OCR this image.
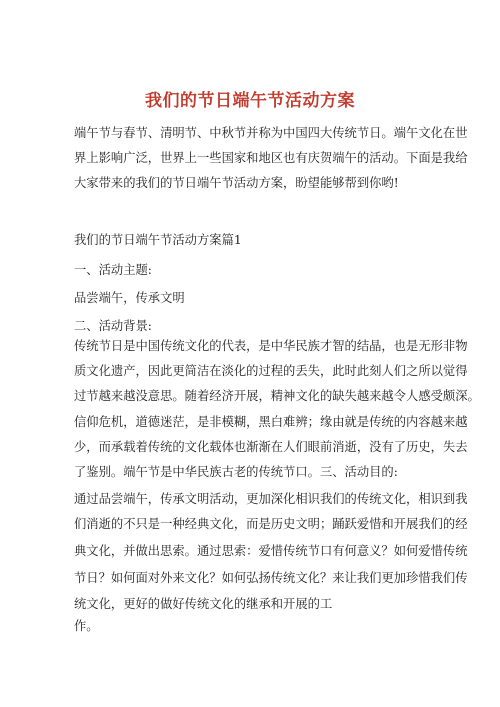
我们的节日端午节活动方案

端午节与春节、清明节、中秋节并称为中国四大传统节日。端午文化在世

界上影响广泛，世界上一些国家和地区也有庆贺端午的活动。下面是我给

大家带来的我们的节日端午节活动方案，盼望能够帮到你哟!

我们的节日端午节活动方案篇1

一、活动主题:

品尝端午，传承文明

二、活动背景:

传统节日是中国传统文化的代表，是中华民族才智的结晶，也是无形非物

质文化遗产，因此更简洁在淡化的过程的丢失，此时此刻人们之所以觉得

过节越来越没意思。随着经济开展，精神文化的缺失越来越令人感受颇深。

信仰危机，道德迷茫，是非模糊，黑白难辨；缘由就是传统的内容越来越

少，而承载着传统的文化载体也渐渐在人们眼前消逝，没有了历史，失去

了鉴别。端午节是中华民族古老的传统节口。三、活动目的:

通过品尝端午，传承文明活动，更加深化相识我们的传统文化，相识到我

们消逝的不只是一种经典文化，而是历史文明；踊跃爱惜和开展我们的经

典文化，并做出思索。通过思索：爱惜传统节口有何意义？如何爱惜传统

节日？如何面对外来文化？如何弘扬传统文化？来让我们更加珍惜我们传

统文化，更好的做好传统文化的继承和开展的工

作。
